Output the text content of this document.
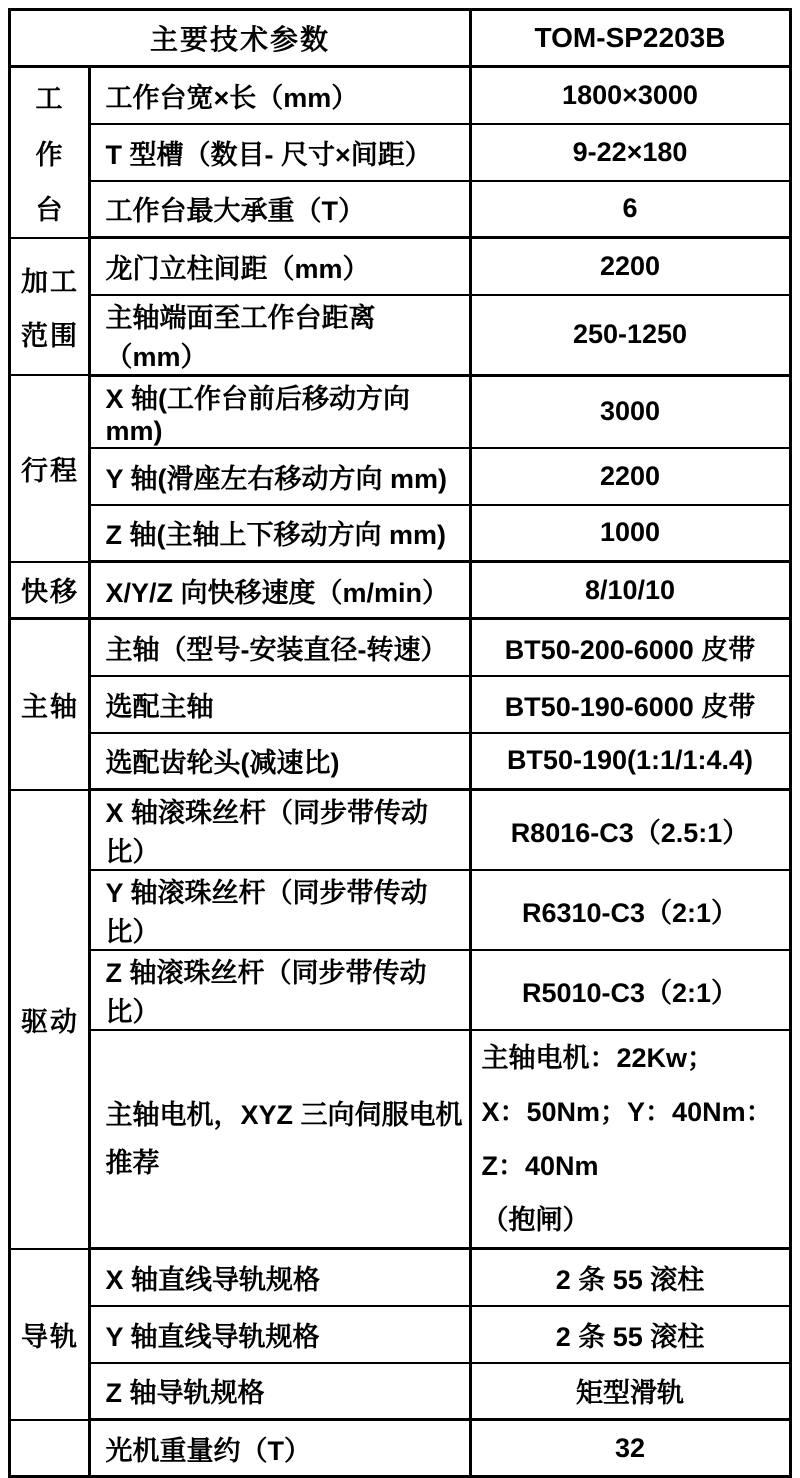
主要技术参数		TOM-SP2203B

工
作
台	工作台宽×长（mm）	1800×3000
	T 型槽（数目- 尺寸×间距）	9-22×180
	工作台最大承重（T）	6

加工
范围	龙门立柱间距（mm）	2200
	主轴端面至工作台距离（mm）	250-1250
行程	X 轴(工作台前后移动方向 mm)	3000
	Y 轴(滑座左右移动方向 mm)	2200
	Z 轴(主轴上下移动方向 mm)	1000
快移	X/Y/Z 向快移速度（m/min）	8/10/10
主轴	主轴（型号-安装直径-转速）	BT50-200-6000 皮带
	选配主轴	BT50-190-6000 皮带
	选配齿轮头(减速比)	BT50-190(1:1/1:4.4)
驱动	X 轴滚珠丝杆（同步带传动比）	R8016-C3（2.5:1）
	Y 轴滚珠丝杆（同步带传动比）	R6310-C3（2:1）
	Z 轴滚珠丝杆（同步带传动比）	R5010-C3（2:1）
	主轴电机，XYZ 三向伺服电机推荐	主轴电机：22Kw；
X：50Nm；Y：40Nm：Z：40Nm
（抱闸）

导轨	X 轴直线导轨规格	2 条 55 滚柱
	Y 轴直线导轨规格	2 条 55 滚柱
	Z 轴导轨规格	矩型滑轨
	光机重量约（T）	32
